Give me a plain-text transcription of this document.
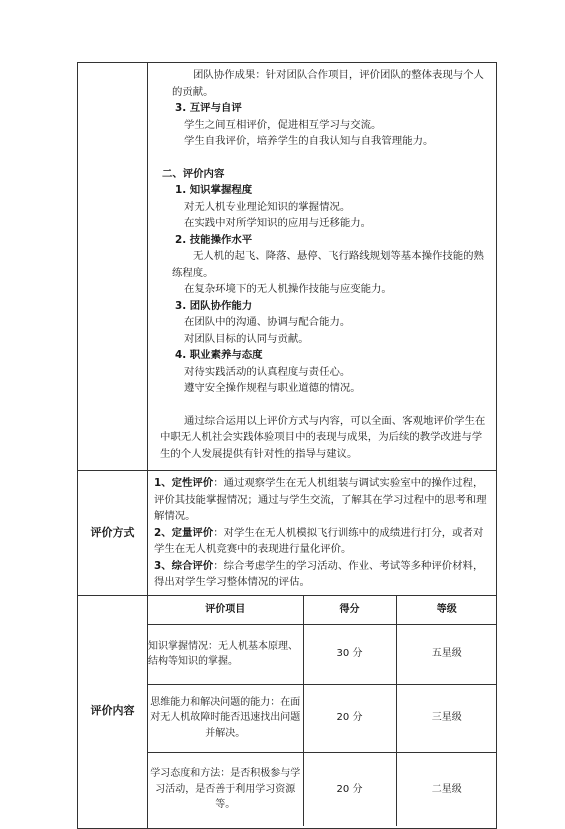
团队协作成果：针对团队合作项目，评价团队的整体表现与个人的贡献。

3. 互评与自评

学生之间互相评价，促进相互学习与交流。

学生自我评价，培养学生的自我认知与自我管理能力。

二、评价内容

1. 知识掌握程度

对无人机专业理论知识的掌握情况。

在实践中对所学知识的应用与迁移能力。

2. 技能操作水平

无人机的起飞、降落、悬停、飞行路线规划等基本操作技能的熟练程度。

在复杂环境下的无人机操作技能与应变能力。

3. 团队协作能力

在团队中的沟通、协调与配合能力。

对团队目标的认同与贡献。

4. 职业素养与态度

对待实践活动的认真程度与责任心。

遵守安全操作规程与职业道德的情况。

通过综合运用以上评价方式与内容，可以全面、客观地评价学生在中职无人机社会实践体验项目中的表现与成果，为后续的教学改进与学生的个人发展提供有针对性的指导与建议。

评价方式	

1、定性评价：通过观察学生在无人机组装与调试实验室中的操作过程，评价其技能掌握情况；通过与学生交流，了解其在学习过程中的思考和理解情况。

2、定量评价：对学生在无人机模拟飞行训练中的成绩进行打分，或者对学生在无人机竞赛中的表现进行量化评价。

3、综合评价：综合考虑学生的学习活动、作业、考试等多种评价材料，得出对学生学习整体情况的评估。

评价内容	
评价项目	得分	等级
知识掌握情况：无人机基本原理、结构等知识的掌握。	30 分	五星级
思维能力和解决问题的能力：在面对无人机故障时能否迅速找出问题并解决。	20 分	三星级
学习态度和方法：是否积极参与学习活动，是否善于利用学习资源等。	20 分	二星级
